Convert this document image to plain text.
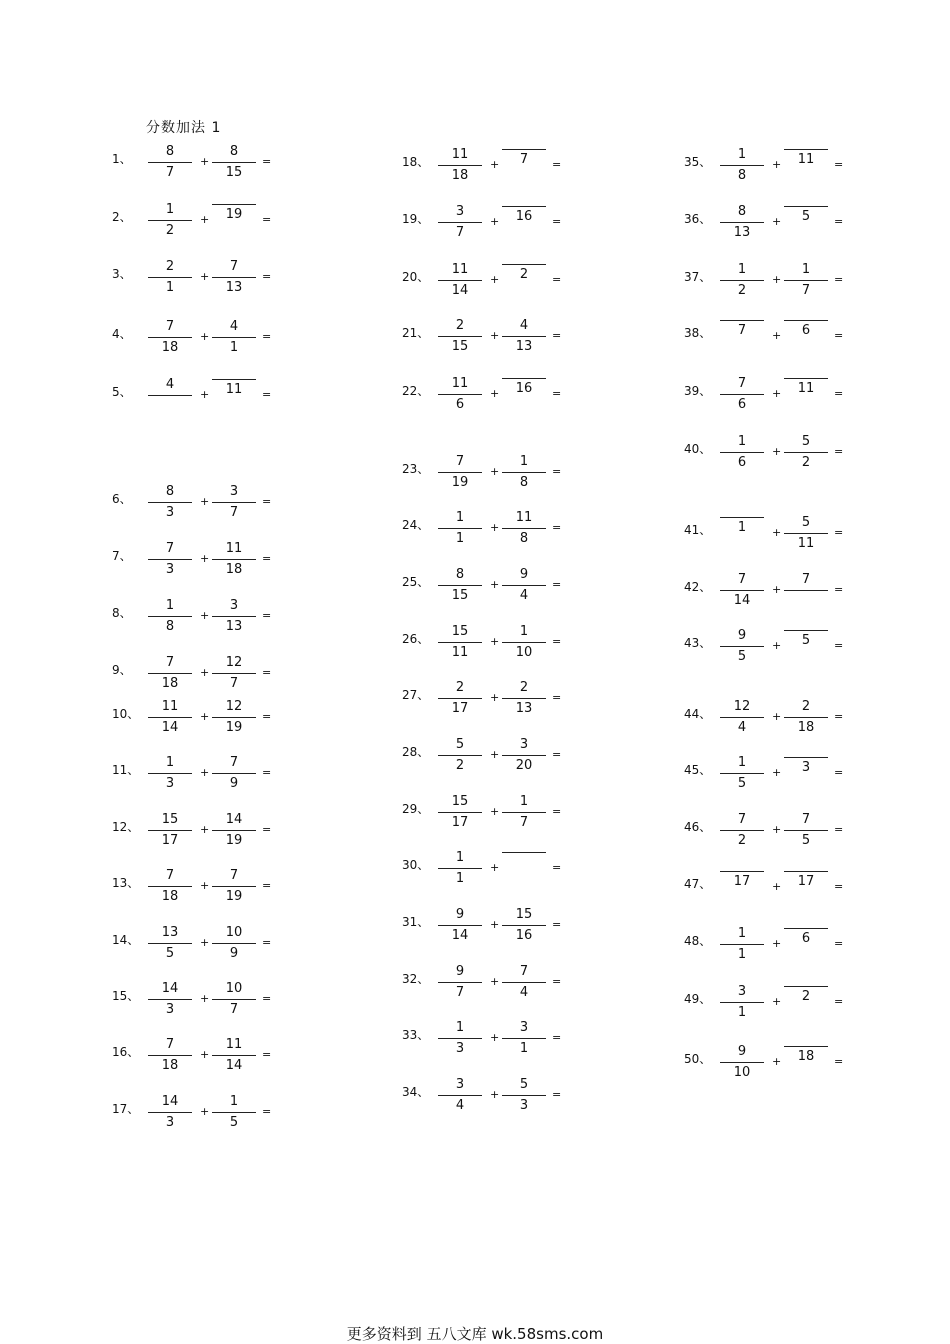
分数加法 1
1、	8
7
+
8
15
=
2、	1
2
+	19	=
3、	2
1
+
7
13
=
4、	7
18
+
4
1
=
5、	4
+	11	=
6、	8
3
+
3
7
=
7、	7
3
+
11
18
=
8、	1
8
+
3
13
=
9、	7
18
+
12
7
=
10、	11
14
+
12
19
=
11、	1
3
+
7
9
=
12、	15
17
+
14
19
=
13、	7
18
+
7
19
=
14、	13
5
+
10
9
=
15、	14
3
+
10
7
=
16、	7
18
+
11
14
=
17、	14
3
+
1
5
=
18、	11
18
+	7	=
19、	3
7
+	16	=
20、	11
14
+	2	=
21、	2
15
+
4
13
=
22、	11
6
+	16	=
23、	7
19
+
1
8
=
24、	1
1
+
11
8
=
25、	8
15
+
9
4
=
26、	15
11
+
1
10
=
27、	2
17
+
2
13
=
28、	5
2
+
3
20
=
29、	15
17
+
1
7
=
30、	1
1
+	=
31、	9
14
+
15
16
=
32、	9
7
+
7
4
=
33、	1
3
+
3
1
=
34、	3
4
+
5
3
=
35、	1
8
+	11	=
36、	8
13
+	5	=
37、	1
2
+
1
7
=
38、	7	+	6	=
39、	7
6
+	11	=
40、	1
6
+
5
2
=
41、	1	+
5
11
=
42、	7
14
+
7
=
43、	9
5
+	5	=
44、	12
4
+
2
18
=
45、	1
5
+	3	=
46、	7
2
+
7
5
=
47、	17	+	17	=
48、	1
1
+	6	=
49、	3
1
+	2	=
50、	9
10
+	18	=
更多资料到 五八文库 wk.58sms.com
